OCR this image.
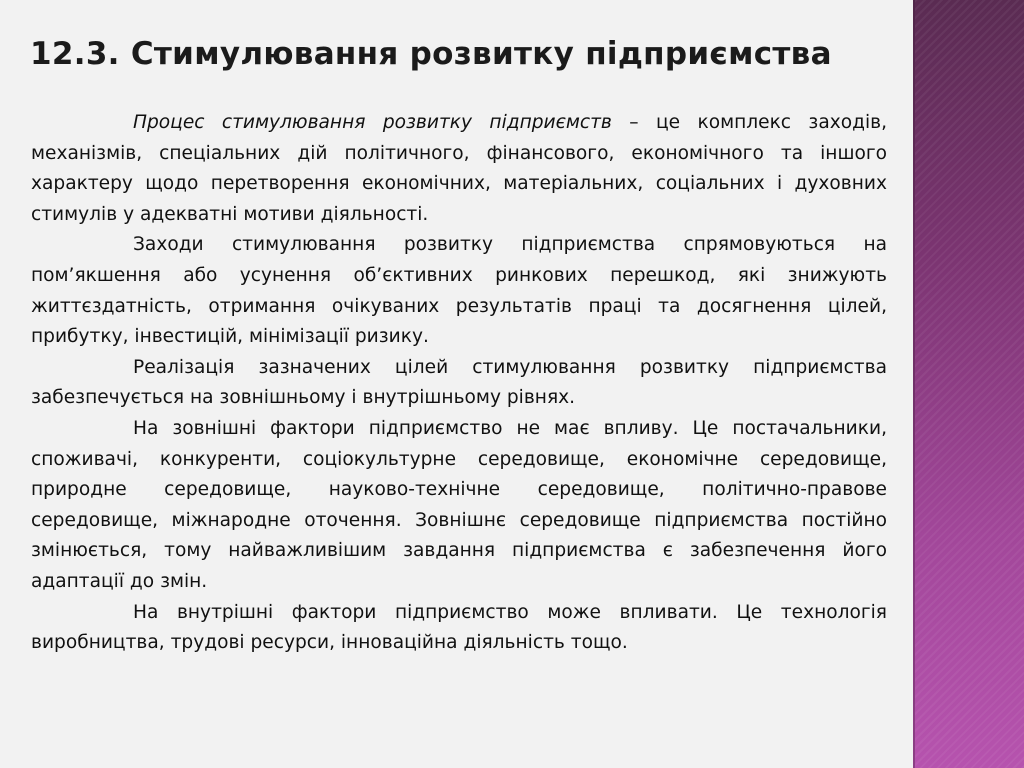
12.3. Стимулювання розвитку підприємства

Процес стимулювання розвитку підприємств – це комплекс заходів, механізмів, спеціальних дій політичного, фінансового, економічного та іншого характеру щодо перетворення економічних, матеріальних, соціальних і духовних стимулів у адекватні мотиви діяльності.

Заходи стимулювання розвитку підприємства спрямовуються на пом’якшення або усунення об’єктивних ринкових перешкод, які знижують життєздатність, отримання очікуваних результатів праці та досягнення цілей, прибутку, інвестицій, мінімізації ризику.

Реалізація зазначених цілей стимулювання розвитку підприємства забезпечується на зовнішньому і внутрішньому рівнях.

На зовнішні фактори підприємство не має впливу. Це постачальники, споживачі, конкуренти, соціокультурне середовище, економічне середовище, природне середовище, науково-технічне середовище, політично-правове середовище, міжнародне оточення. Зовнішнє середовище підприємства постійно змінюється, тому найважливішим завдання підприємства є забезпечення його адаптації до змін.

На внутрішні фактори підприємство може впливати. Це технологія виробництва, трудові ресурси, інноваційна діяльність тощо.
